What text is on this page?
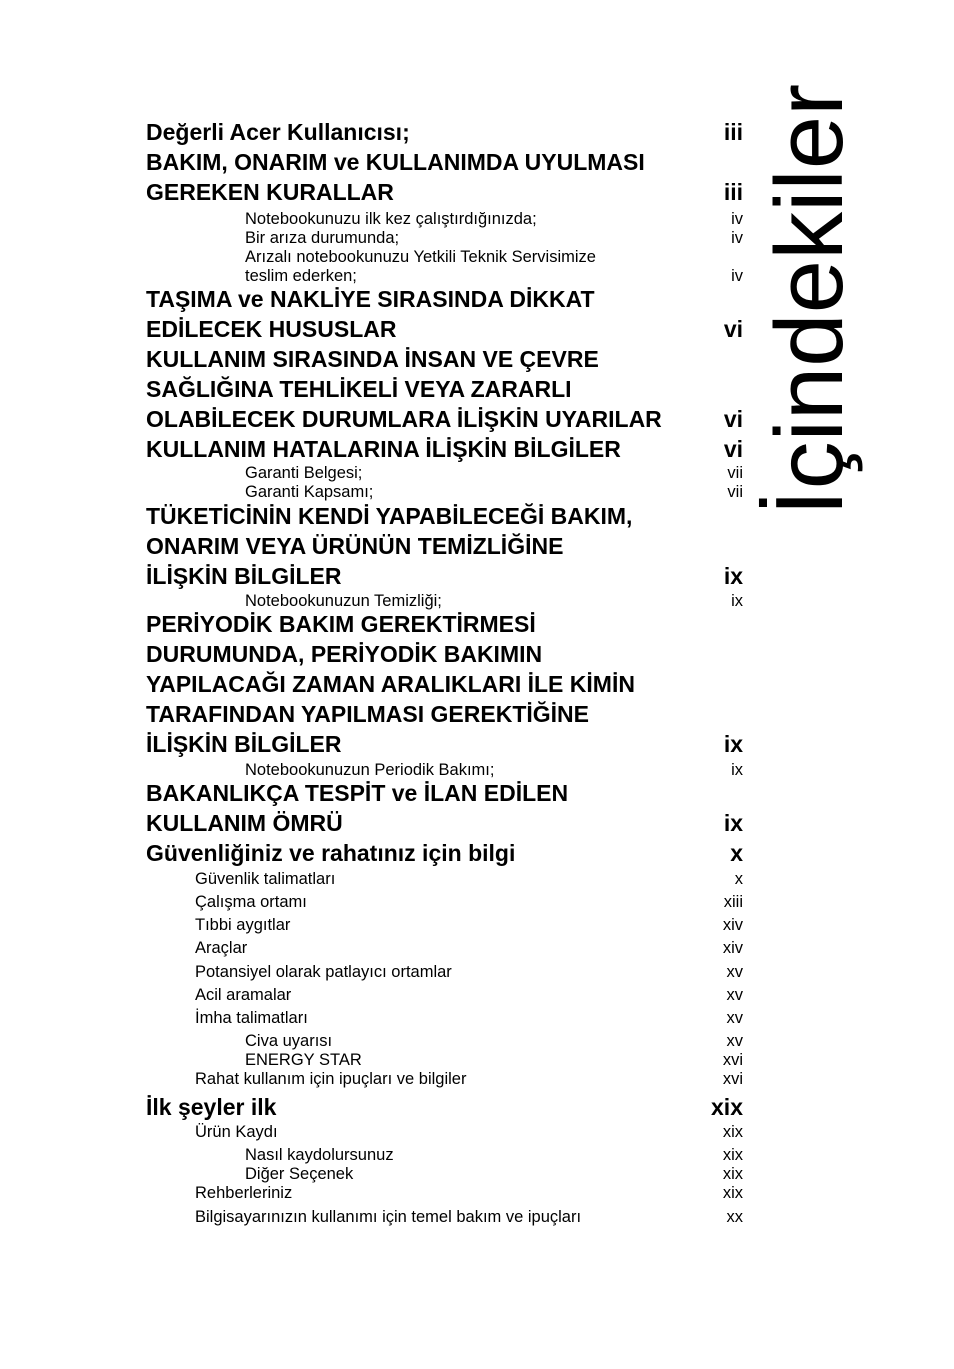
İçindekiler
Değerli Acer Kullanıcısı;	iii
BAKIM, ONARIM ve KULLANIMDA UYULMASI
GEREKEN KURALLAR	iii
Notebookunuzu ilk kez çalıştırdığınızda;	iv
Bir arıza durumunda;	iv
Arızalı notebookunuzu Yetkili Teknik Servisimize
teslim ederken;	iv
TAŞIMA ve NAKLİYE SIRASINDA DİKKAT
EDİLECEK HUSUSLAR	vi
KULLANIM SIRASINDA İNSAN VE ÇEVRE
SAĞLIĞINA TEHLİKELİ VEYA ZARARLI
OLABİLECEK DURUMLARA İLİŞKİN UYARILAR	vi
KULLANIM HATALARINA İLİŞKİN BİLGİLER	vi
Garanti Belgesi;	vii
Garanti Kapsamı;	vii
TÜKETİCİNİN KENDİ YAPABİLECEĞİ BAKIM,
ONARIM VEYA ÜRÜNÜN TEMİZLİĞİNE
İLİŞKİN BİLGİLER	ix
Notebookunuzun Temizliği;	ix
PERİYODİK BAKIM GEREKTİRMESİ
DURUMUNDA, PERİYODİK BAKIMIN
YAPILACAĞI ZAMAN ARALIKLARI İLE KİMİN
TARAFINDAN YAPILMASI GEREKTİĞİNE
İLİŞKİN BİLGİLER	ix
Notebookunuzun Periodik Bakımı;	ix
BAKANLIKÇA TESPİT ve İLAN EDİLEN
KULLANIM ÖMRÜ	ix
Güvenliğiniz ve rahatınız için bilgi	x
Güvenlik talimatları	x
Çalışma ortamı	xiii
Tıbbi aygıtlar	xiv
Araçlar	xiv
Potansiyel olarak patlayıcı ortamlar	xv
Acil aramalar	xv
İmha talimatları	xv
Civa uyarısı	xv
ENERGY STAR	xvi
Rahat kullanım için ipuçları ve bilgiler	xvi
İlk şeyler ilk	xix
Ürün Kaydı	xix
Nasıl kaydolursunuz	xix
Diğer Seçenek	xix
Rehberleriniz	xix
Bilgisayarınızın kullanımı için temel bakım ve ipuçları	xx
